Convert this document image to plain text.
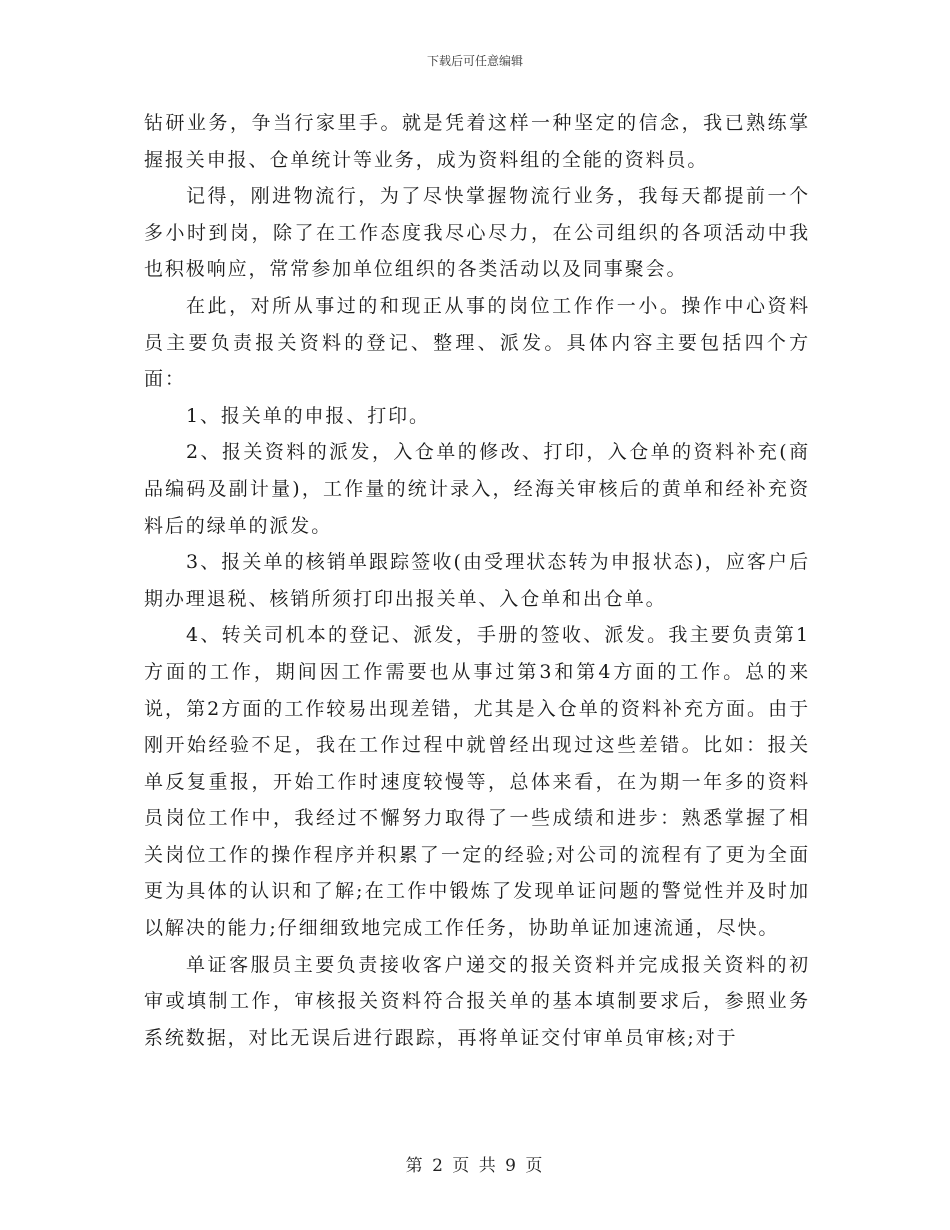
下载后可任意编辑

钻研业务，争当行家里手。就是凭着这样一种坚定的信念，我已熟练掌握报关申报、仓单统计等业务，成为资料组的全能的资料员。

记得，刚进物流行，为了尽快掌握物流行业务，我每天都提前一个多小时到岗，除了在工作态度我尽心尽力，在公司组织的各项活动中我也积极响应，常常参加单位组织的各类活动以及同事聚会。

在此，对所从事过的和现正从事的岗位工作作一小。操作中心资料员主要负责报关资料的登记、整理、派发。具体内容主要包括四个方面：

1、报关单的申报、打印。

2、报关资料的派发，入仓单的修改、打印，入仓单的资料补充(商品编码及副计量)，工作量的统计录入，经海关审核后的黄单和经补充资料后的绿单的派发。

3、报关单的核销单跟踪签收(由受理状态转为申报状态)，应客户后期办理退税、核销所须打印出报关单、入仓单和出仓单。

4、转关司机本的登记、派发，手册的签收、派发。我主要负责第1方面的工作，期间因工作需要也从事过第3和第4方面的工作。总的来说，第2方面的工作较易出现差错，尤其是入仓单的资料补充方面。由于刚开始经验不足，我在工作过程中就曾经出现过这些差错。比如：报关单反复重报，开始工作时速度较慢等，总体来看，在为期一年多的资料员岗位工作中，我经过不懈努力取得了一些成绩和进步：熟悉掌握了相关岗位工作的操作程序并积累了一定的经验;对公司的流程有了更为全面更为具体的认识和了解;在工作中锻炼了发现单证问题的警觉性并及时加以解决的能力;仔细细致地完成工作任务，协助单证加速流通，尽快。

单证客服员主要负责接收客户递交的报关资料并完成报关资料的初审或填制工作，审核报关资料符合报关单的基本填制要求后，参照业务系统数据，对比无误后进行跟踪，再将单证交付审单员审核;对于

第 2 页 共 9 页
